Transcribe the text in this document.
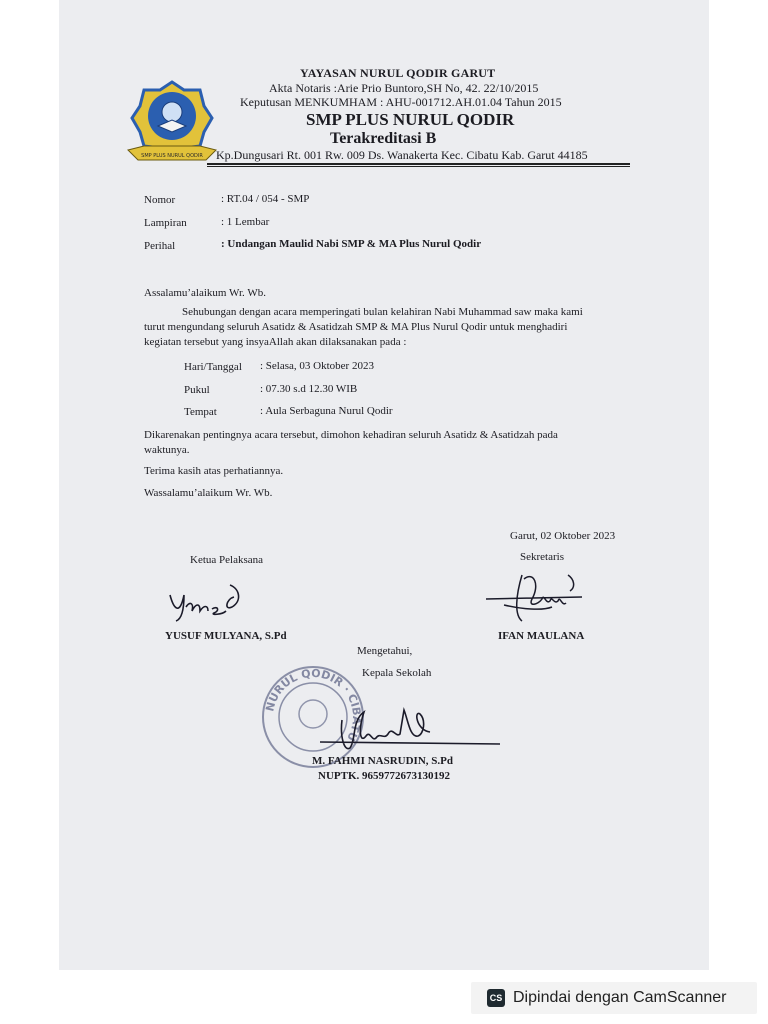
SMP PLUS NURUL QODIR
YAYASAN NURUL QODIR GARUT
Akta Notaris :Arie Prio Buntoro,SH No, 42. 22/10/2015
Keputusan MENKUMHAM : AHU-001712.AH.01.04 Tahun 2015
SMP PLUS NURUL QODIR
Terakreditasi B
Kp.Dungusari Rt. 001 Rw. 009 Ds. Wanakerta Kec. Cibatu Kab. Garut 44185
Nomor	: RT.04 / 054 - SMP
Lampiran	: 1 Lembar
Perihal	: Undangan Maulid Nabi SMP & MA Plus Nurul Qodir
Assalamu’alaikum Wr. Wb.
Sehubungan dengan acara memperingati bulan kelahiran Nabi Muhammad saw maka kami
turut mengundang seluruh Asatidz & Asatidzah SMP & MA Plus Nurul Qodir untuk menghadiri
kegiatan tersebut yang insyaAllah akan dilaksanakan pada :
Hari/Tanggal : Selasa, 03 Oktober 2023
Pukul	: 07.30 s.d 12.30 WIB
Tempat	: Aula Serbaguna Nurul Qodir
Dikarenakan pentingnya acara tersebut, dimohon kehadiran seluruh Asatidz & Asatidzah pada
waktunya.
Terima kasih atas perhatiannya.
Wassalamu’alaikum Wr. Wb.
Garut, 02 Oktober 2023
Ketua Pelaksana	Sekretaris
YUSUF MULYANA, S.Pd	IFAN MAULANA
Mengetahui,
Kepala Sekolah
NURUL QODIR · CIBATU
M. FAHMI NASRUDIN, S.Pd
NUPTK. 9659772673130192
CS Dipindai dengan CamScanner
